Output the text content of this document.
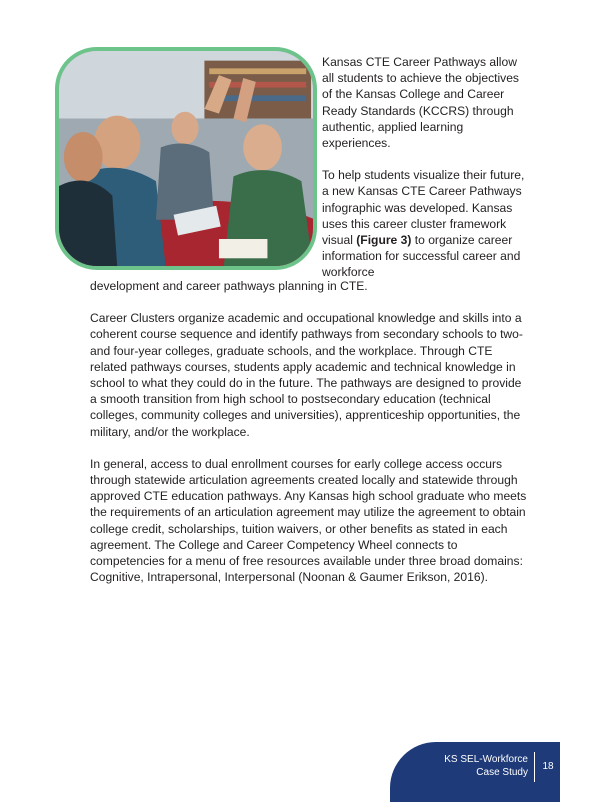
Kansas CTE Career Pathways allow all students to achieve the objectives of the Kansas College and Career Ready Standards (KCCRS) through authentic, applied learning experiences.

To help students visualize their future, a new Kansas CTE Career Pathways infographic was developed. Kansas uses this career cluster framework visual (Figure 3) to organize career information for successful career and workforce

development and career pathways planning in CTE.

Career Clusters organize academic and occupational knowledge and skills into a coherent course sequence and identify pathways from secondary schools to two- and four-year colleges, graduate schools, and the workplace. Through CTE related pathways courses, students apply academic and technical knowledge in school to what they could do in the future. The pathways are designed to provide a smooth transition from high school to postsecondary education (technical colleges, community colleges and universities), apprenticeship opportunities, the military, and/or the workplace.

In general, access to dual enrollment courses for early college access occurs through statewide articulation agreements created locally and statewide through approved CTE education pathways. Any Kansas high school graduate who meets the requirements of an articulation agreement may utilize the agreement to obtain college credit, scholarships, tuition waivers, or other benefits as stated in each agreement. The College and Career Competency Wheel connects to competencies for a menu of free resources available under three broad domains: Cognitive, Intrapersonal, Interpersonal (Noonan & Gaumer Erikson, 2016).

KS SEL-Workforce
Case Study	18
